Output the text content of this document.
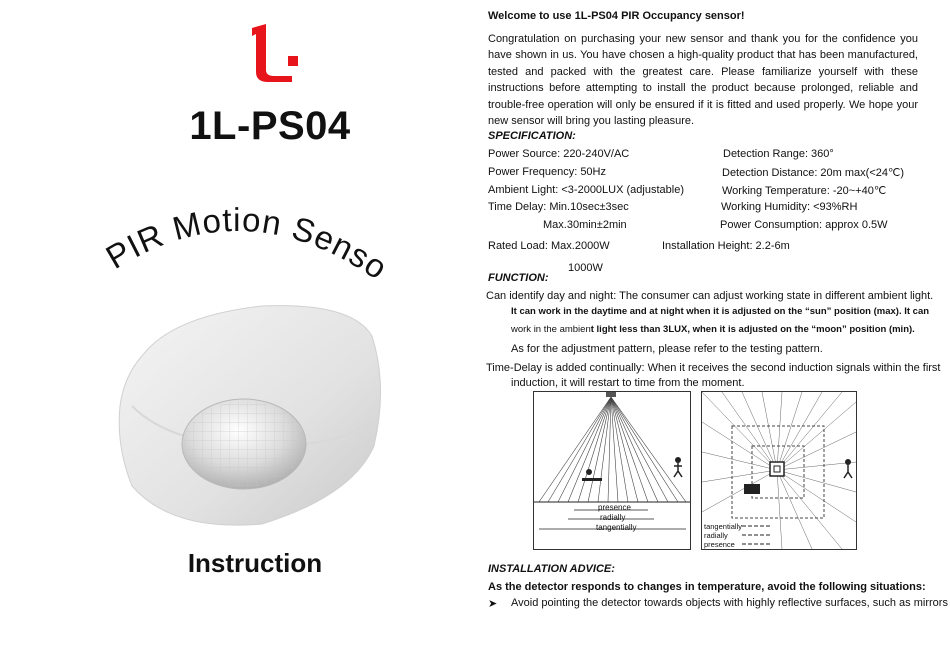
1L-PS04
PIR Motion Sens
Instruction
Welcome to use 1L-PS04 PIR Occupancy sensor!
Congratulation on purchasing your new sensor and thank you for the confidence you have shown in us. You have chosen a high-quality product that has been manufactured, tested and packed with the greatest care. Please familiarize yourself with these instructions before attempting to install the product because prolonged, reliable and trouble-free operation will only be ensured if it is fitted and used properly. We hope your new sensor will bring you lasting pleasure.
SPECIFICATION:
Power Source: 220-240V/AC	Detection Range: 360°
Power Frequency: 50Hz	Detection Distance: 20m max(<24℃)
Ambient Light: <3-2000LUX (adjustable)	Working Temperature: -20~+40℃
Time Delay: Min.10sec±3sec	Working Humidity: <93%RH
Max.30min±2min	Power Consumption: approx 0.5W
Rated Load: Max.2000W	Installation Height: 2.2-6m
1000W
FUNCTION:
Can identify day and night: The consumer can adjust working state in different ambient light.
It can work in the daytime and at night when it is adjusted on the “sun” position (max). It can
work in the ambient light less than 3LUX, when it is adjusted on the “moon” position (min).
As for the adjustment pattern, please refer to the testing pattern.
Time-Delay is added continually: When it receives the second induction signals within the first
induction, it will restart to time from the moment.
presence
radially
tangentially	tangentially
radially
presence
INSTALLATION ADVICE:
As the detector responds to changes in temperature, avoid the following situations:
➤ Avoid pointing the detector towards objects with highly reflective surfaces, such as mirrors
